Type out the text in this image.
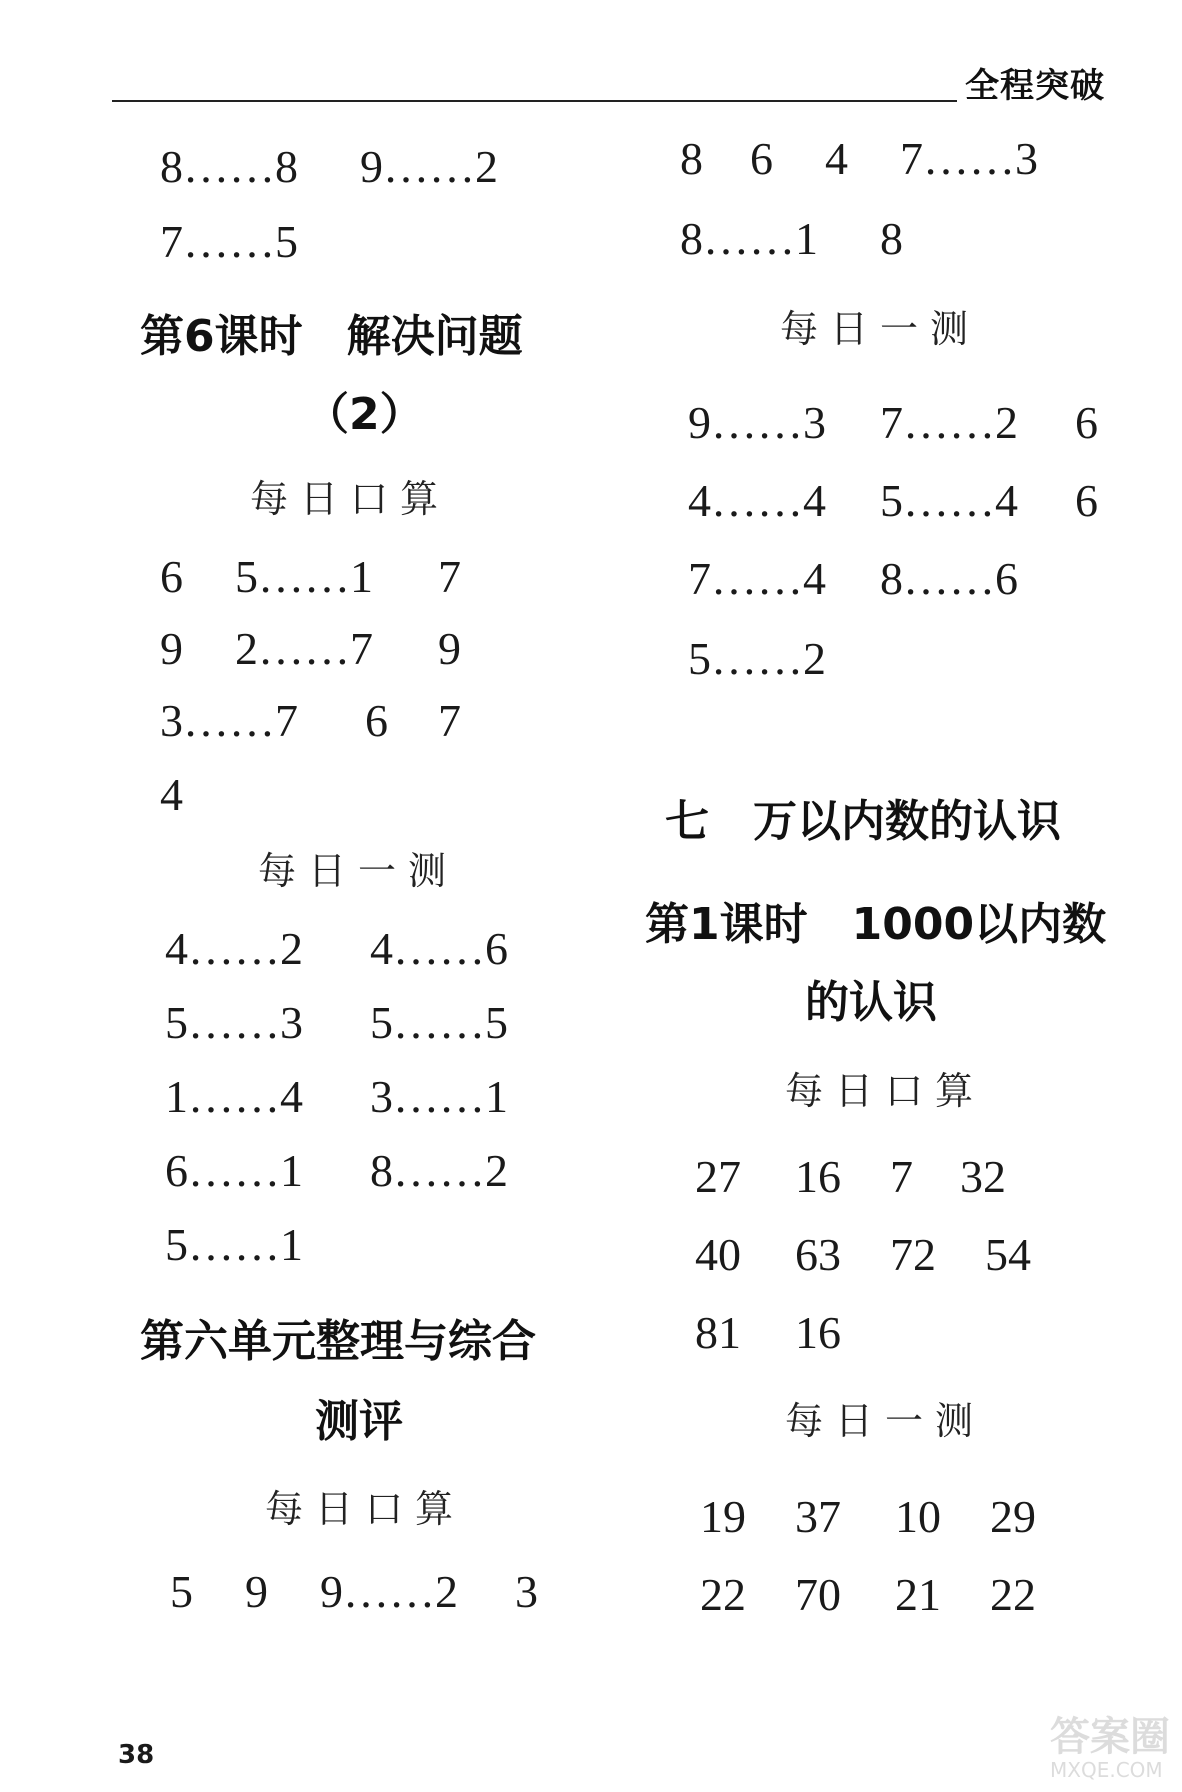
全程突破
8……8 9……2
7……5
第6课时　解决问题
（2）
每日口算
6 5……1 7
9 2……7 9
3……7 6 7
4
每日一测
4……2 4……6
5……3 5……5
1……4 3……1
6……1 8……2
5……1
第六单元整理与综合
测评
每日口算
5 9 9……2 3
8 6 4 7……3
8……1 8
每日一测
9……3 7……2 6
4……4 5……4 6
7……4 8……6
5……2
七　万以内数的认识
第1课时　1000以内数
的认识
每日口算
27 16 7 32
40 63 72 54
81 16
每日一测
19 37 10 29
22 70 21 22
38	答案圈
MXQE.COM
